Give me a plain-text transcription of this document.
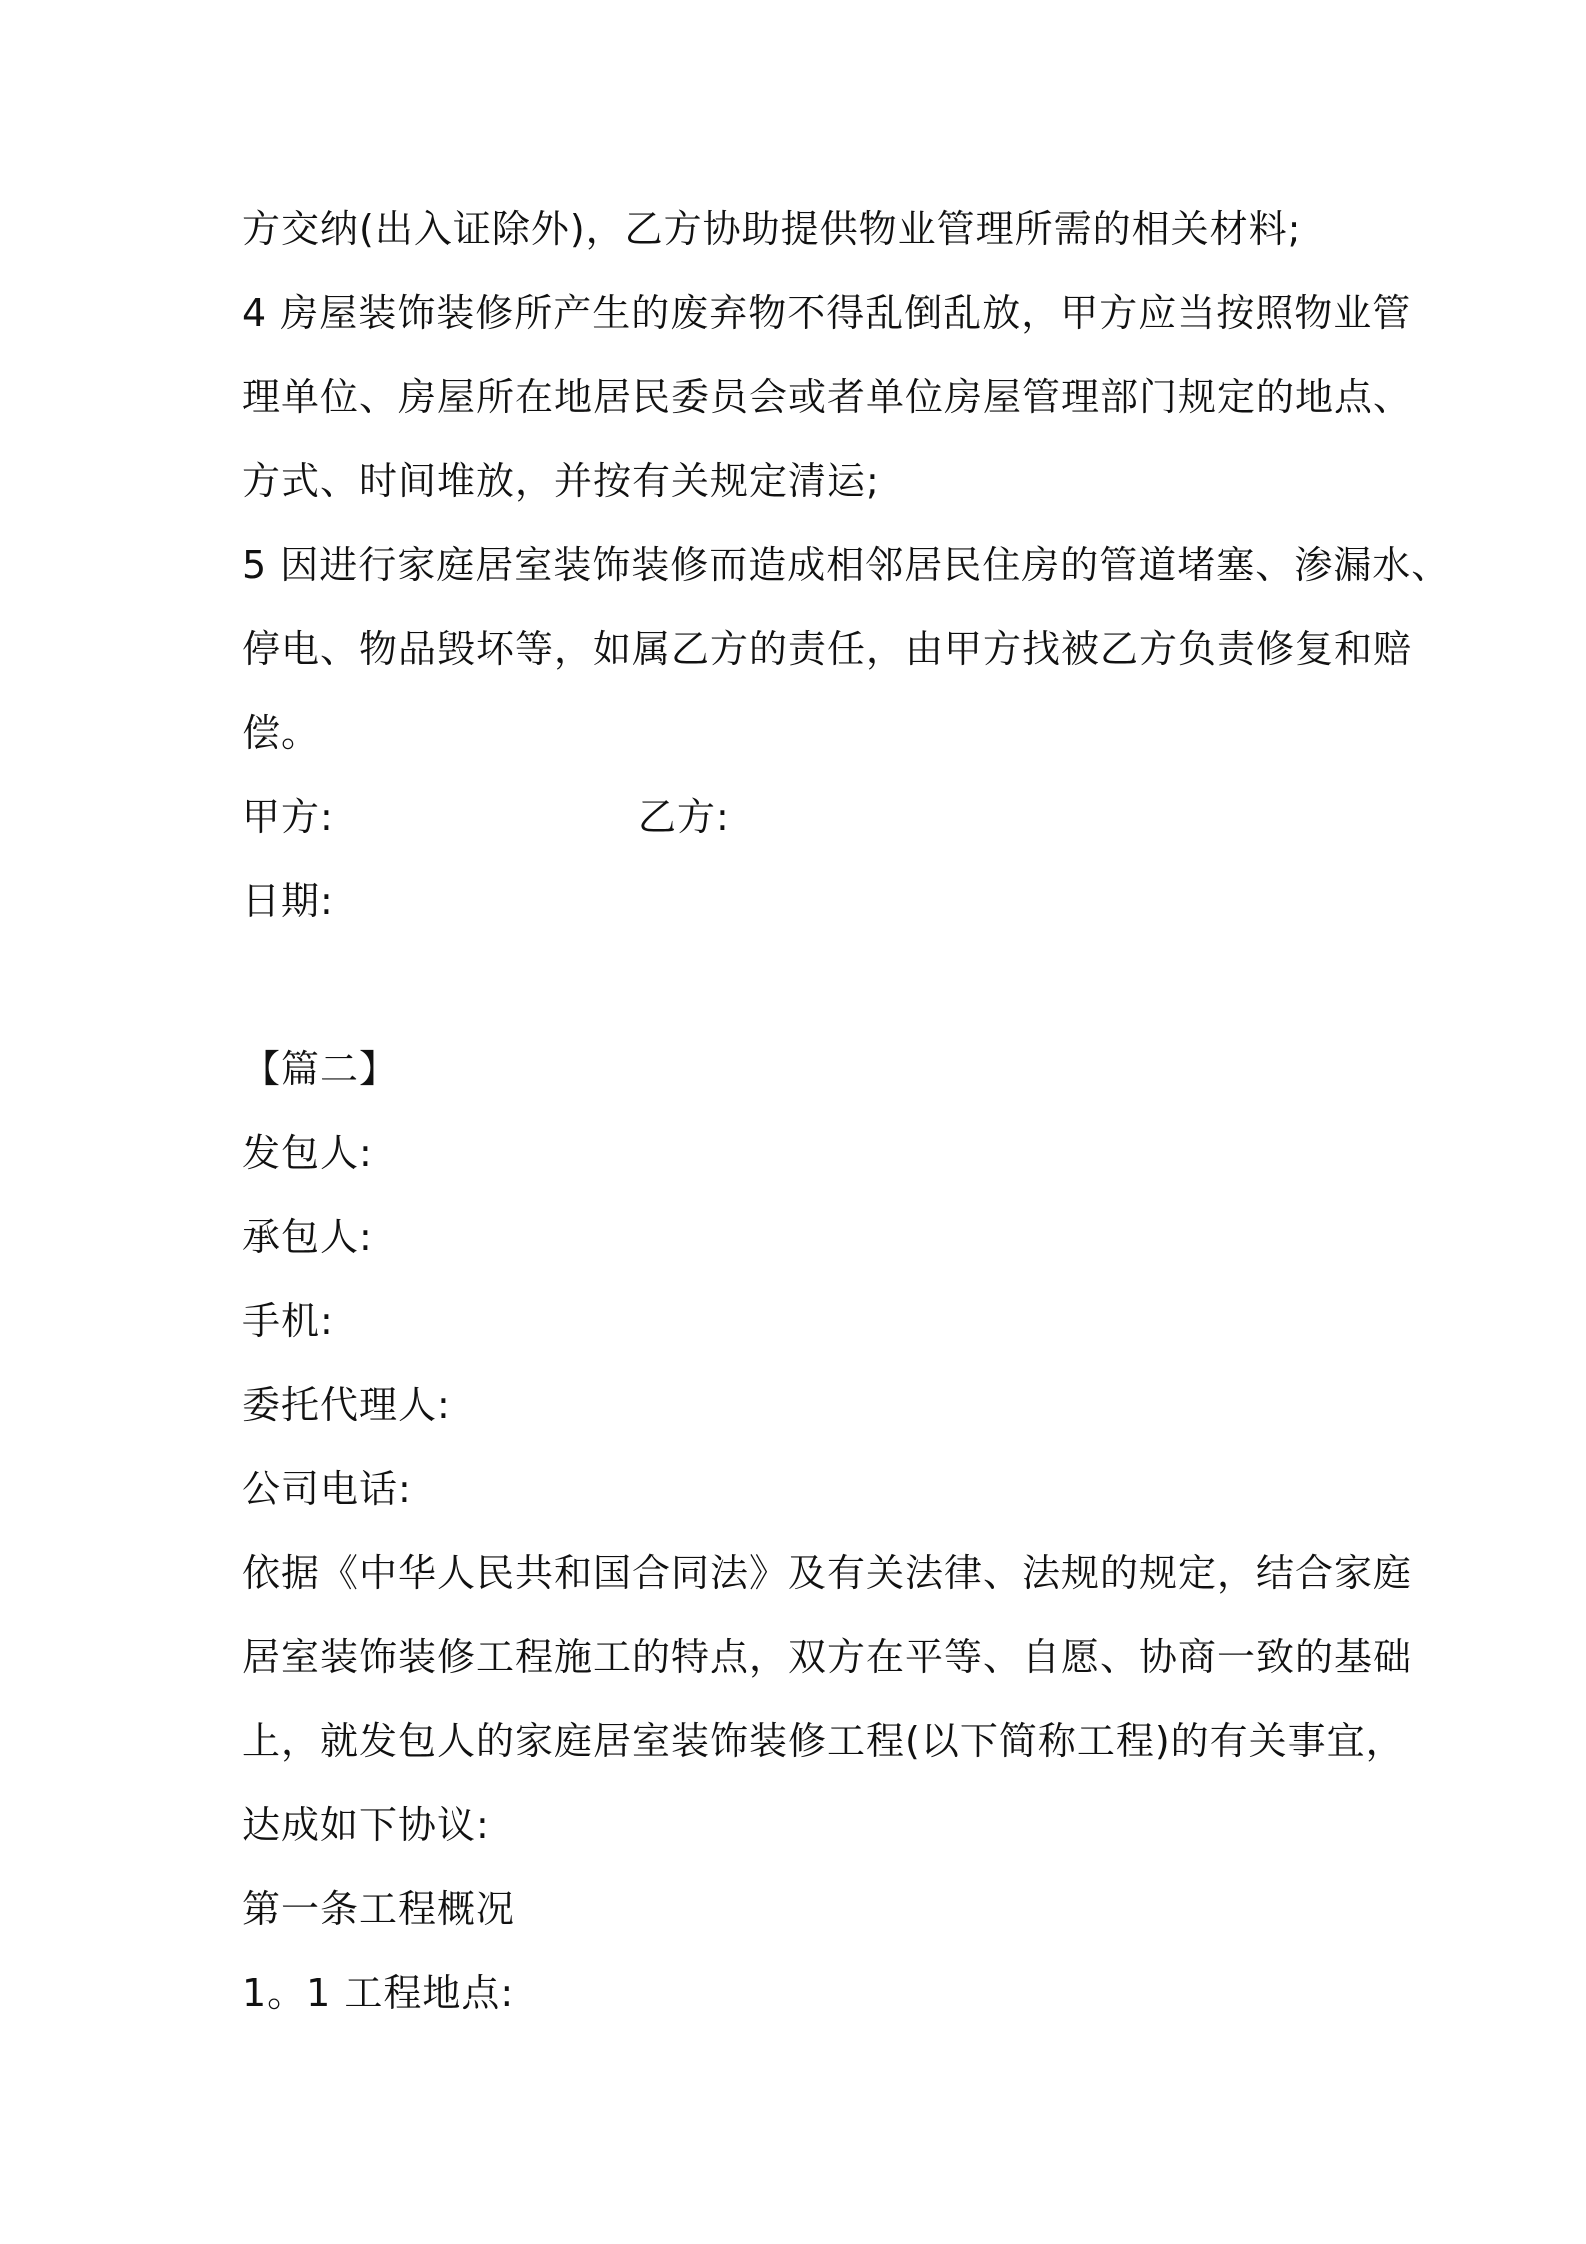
方交纳(出入证除外)，乙方协助提供物业管理所需的相关材料;
4 房屋装饰装修所产生的废弃物不得乱倒乱放，甲方应当按照物业管
理单位、房屋所在地居民委员会或者单位房屋管理部门规定的地点、
方式、时间堆放，并按有关规定清运;
5 因进行家庭居室装饰装修而造成相邻居民住房的管道堵塞、渗漏水、
停电、物品毁坏等，如属乙方的责任，由甲方找被乙方负责修复和赔
偿。
甲方:	乙方:
日期:
【篇二】
发包人:
承包人:
手机:
委托代理人:
公司电话:
依据《中华人民共和国合同法》及有关法律、法规的规定，结合家庭
居室装饰装修工程施工的特点，双方在平等、自愿、协商一致的基础
上，就发包人的家庭居室装饰装修工程(以下简称工程)的有关事宜，
达成如下协议:
第一条工程概况
1。1 工程地点:
